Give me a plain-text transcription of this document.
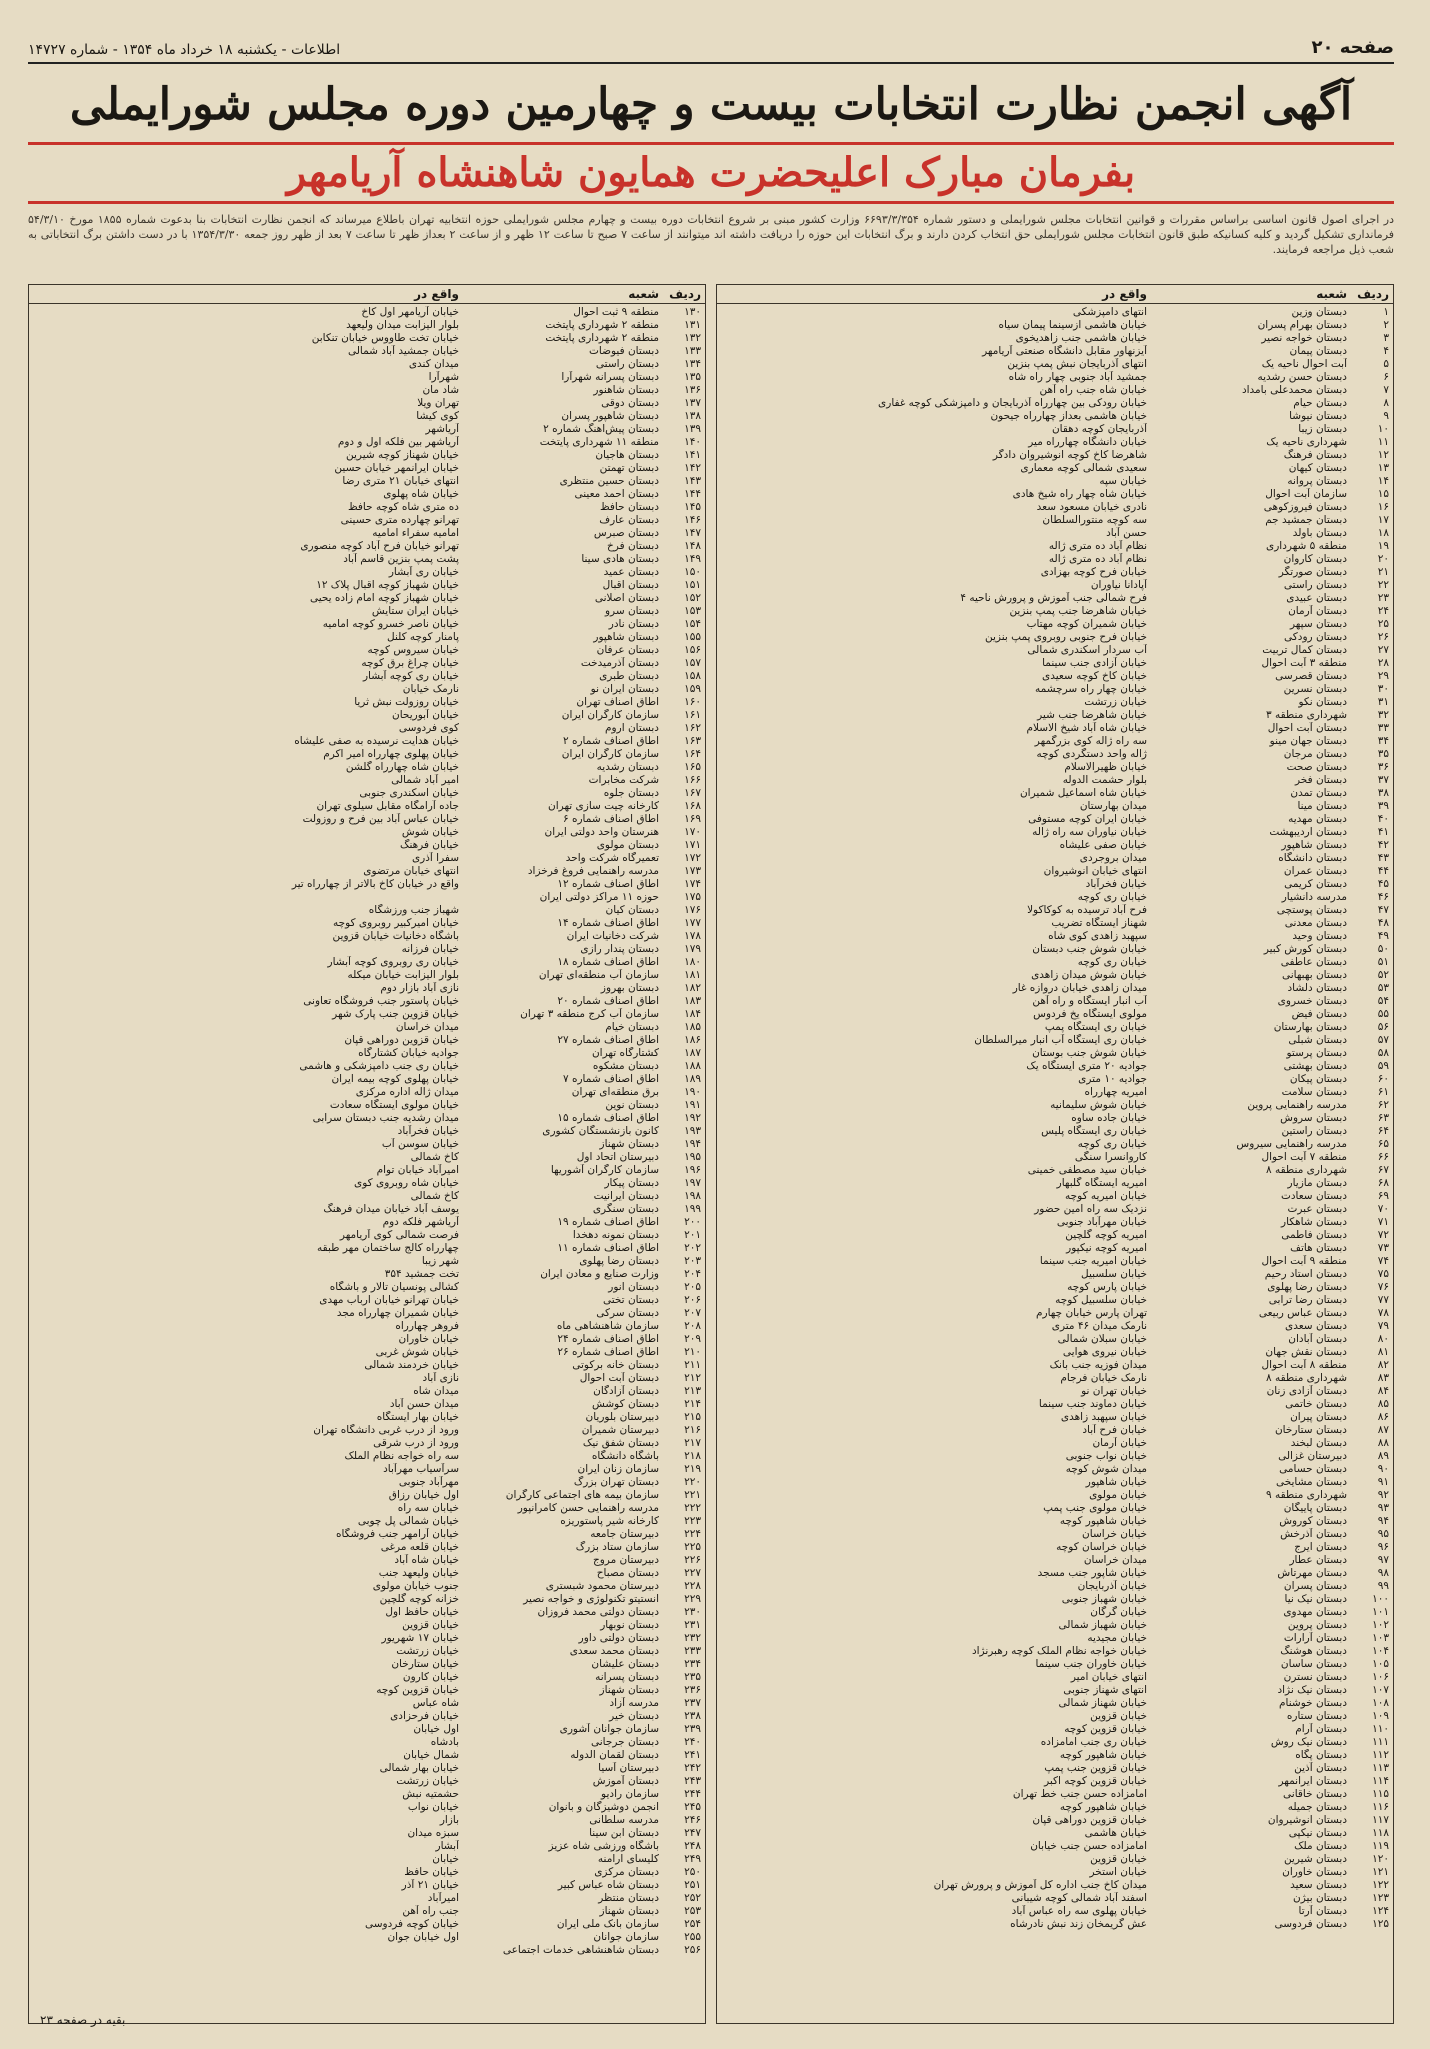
صفحه ۲۰
اطلاعات - یکشنبه ۱۸ خرداد ماه ۱۳۵۴ - شماره ۱۴۷۲۷
آگهی انجمن نظارت انتخابات بیست و چهارمین دوره مجلس شورایملی
بفرمان مبارک اعلیحضرت همایون شاهنشاه آریامهر
در اجرای اصول قانون اساسی براساس مقررات و قوانین انتخابات مجلس شورایملی و دستور شماره ۶۶۹۳/۳/۳۵۴ وزارت کشور مبنی بر شروع انتخابات دوره بیست و چهارم مجلس شورایملی حوزه انتخابیه تهران باطلاع میرساند که انجمن نظارت انتخابات بنا بدعوت شماره ۱۸۵۵ مورخ ۵۴/۳/۱۰ فرمانداری تشکیل گردید و کلیه کسانیکه طبق قانون انتخابات مجلس شورایملی حق انتخاب کردن دارند و برگ انتخابات این حوزه را دریافت داشته اند میتوانند از ساعت ۷ صبح تا ساعت ۱۲ ظهر و از ساعت ۲ بعداز ظهر تا ساعت ۷ بعد از ظهر روز جمعه ۱۳۵۴/۳/۳۰ با در دست داشتن برگ انتخاباتی به شعب ذیل مراجعه فرمایند.
ردیف
شعبه
واقع در
۱
دبستان وزین
انتهای دامپزشکی
۲
دبستان بهرام پسران
خیابان هاشمی ازسینما پیمان سیاه
۳
دبستان خواجه نصیر
خیابان هاشمی جنب زاهدیخوی
۴
دبستان پیمان
آیزنهاور مقابل دانشگاه صنعتی آریامهر
۵
آبت احوال ناحیه یک
انتهای آذربایجان نبش پمپ بنزین
۶
دبستان حسن رشدیه
جمشید آباد جنوبی چهار راه شاه
۷
دبستان محمدعلی بامداد
خیابان شاه جنب راه آهن
۸
دبستان حیام
خیابان رودکی بین چهارراه آذربایجان و دامپزشکی کوچه غفاری
۹
دبستان نیوشا
خیابان هاشمی بعداز چهارراه جیحون
۱۰
دبستان زیبا
آذربایجان کوچه دهقان
۱۱
شهرداری ناحیه یک
خیابان دانشگاه چهارراه میر
۱۲
دبستان فرهنگ
شاهرضا کاخ کوچه انوشیروان دادگر
۱۳
دبستان کیهان
سعیدی شمالی کوچه معماری
۱۴
دبستان پروانه
خیابان سپه
۱۵
سازمان آبت احوال
خیابان شاه چهار راه شیخ هادی
۱۶
دبستان فیروزکوهی
نادری خیابان مسعود سعد
۱۷
دبستان جمشید جم
سه کوچه منتورالسلطان
۱۸
دبستان باولد
حسن آباد
۱۹
منطقه ۵ شهرداری
نظام آباد ده متری ژاله
۲۰
دبستان کاروان
نظام آباد ده متری ژاله
۲۱
دبستان صورتگر
خیابان فرح کوچه بهزادی
۲۲
دبستان راستی
آپادانا نیاوران
۲۳
دبستان عبیدی
فرح شمالی جنب آموزش و پرورش ناحیه ۴
۲۴
دبستان آرمان
خیابان شاهرضا جنب پمپ بنزین
۲۵
دبستان سپهر
خیابان شمیران کوچه مهتاب
۲۶
دبستان رودکی
خیابان فرح جنوبی روبروی پمپ بنزین
۲۷
دبستان کمال تربیت
آب سردار اسکندری شمالی
۲۸
منطقه ۳ آبت احوال
خیابان آزادی جنب سینما
۲۹
دبستان قصرسی
خیابان کاخ کوچه سعیدی
۳۰
دبستان نسرین
خیابان چهار راه سرچشمه
۳۱
دبستان نکو
خیابان زرتشت
۳۲
شهرداری منطقه ۳
خیابان شاهرضا جنب شیر
۳۳
دبستان آبت احوال
خیابان شاه آباد شیخ الاسلام
۳۴
دبستان جهان مینو
سه راه ژاله کوی بزرگمهر
۳۵
دبستان مرجان
ژاله واحد دستگردی کوچه
۳۶
دبستان صحت
خیابان ظهیرالاسلام
۳۷
دبستان فخر
بلوار حشمت الدوله
۳۸
دبستان تمدن
خیابان شاه اسماعیل شمیران
۳۹
دبستان مینا
میدان بهارستان
۴۰
دبستان مهدیه
خیابان ایران کوچه مستوفی
۴۱
دبستان اردیبهشت
خیابان نیاوران سه راه ژاله
۴۲
دبستان شاهپور
خیابان صفی علیشاه
۴۳
دبستان دانشگاه
میدان بروجردی
۴۴
دبستان عمران
انتهای خیابان انوشیروان
۴۵
دبستان کریمی
خیابان فخرآباد
۴۶
مدرسه دانشیار
خیابان ری کوچه
۴۷
دبستان پوستچی
فرح آباد ترسیده به کوکاکولا
۴۸
دبستان معدنی
شهناز ایستگاه تضریب
۴۹
دبستان وحید
سپهبد زاهدی کوی شاه
۵۰
دبستان کورش کبیر
خیابان شوش جنب دبستان
۵۱
دبستان عاطفی
خیابان ری کوچه
۵۲
دبستان بهبهانی
خیابان شوش میدان زاهدی
۵۳
دبستان دلشاد
میدان زاهدی خیابان دروازه غار
۵۴
دبستان خسروی
آب انبار ایستگاه و راه آهن
۵۵
دبستان فیض
مولوی ایستگاه یخ فردوس
۵۶
دبستان بهارستان
خیابان ری ایستگاه پمپ
۵۷
دبستان شبلی
خیابان ری ایستگاه آب انبار میرالسلطان
۵۸
دبستان پرستو
خیابان شوش جنب بوستان
۵۹
دبستان بهشتی
جوادیه ۲۰ متری ایستگاه یک
۶۰
دبستان پیکان
جوادیه ۱۰ متری
۶۱
دبستان سلامت
امیریه چهارراه
۶۲
مدرسه راهنمایی پروین
خیابان شوش سلیمانیه
۶۳
دبستان سروش
خیابان جاده ساوه
۶۴
دبستان راستین
خیابان ری ایستگاه پلیس
۶۵
مدرسه راهنمایی سیروس
خیابان ری کوچه
۶۶
منطقه ۷ آبت احوال
کاروانسرا سنگی
۶۷
شهرداری منطقه ۸
خیابان سید مصطفی خمینی
۶۸
دبستان مازیار
امیریه ایستگاه گلبهار
۶۹
دبستان سعادت
خیابان امیریه کوچه
۷۰
دبستان عبرت
نزدیک سه راه امین حضور
۷۱
دبستان شاهکار
خیابان مهرآباد جنوبی
۷۲
دبستان فاطمی
امیریه کوچه گلچین
۷۳
دبستان هاتف
امیریه کوچه نیکپور
۷۴
منطقه ۹ آبت احوال
خیابان امیریه جنب سینما
۷۵
دبستان استاد رحیم
خیابان سلسبیل
۷۶
دبستان رضا پهلوی
خیابان پارس کوچه
۷۷
دبستان رضا ترابی
خیابان سلسبیل کوچه
۷۸
دبستان عباس ربیعی
تهران پارس خیابان چهارم
۷۹
دبستان سعدی
نارمک میدان ۴۶ متری
۸۰
دبستان آبادان
خیابان سبلان شمالی
۸۱
دبستان نقش جهان
خیابان نیروی هوایی
۸۲
منطقه ۸ آبت احوال
میدان فوزیه جنب بانک
۸۳
شهرداری منطقه ۸
نارمک خیابان فرجام
۸۴
دبستان آزادی زنان
خیابان تهران نو
۸۵
دبستان خاتمی
خیابان دماوند جنب سینما
۸۶
دبستان پیران
خیابان سپهبد زاهدی
۸۷
دبستان ستارخان
خیابان فرح آباد
۸۸
دبستان لبخند
خیابان آرمان
۸۹
دبیرستان غزالی
خیابان نواب جنوبی
۹۰
دبستان حسامی
میدان شوش کوچه
۹۱
دبستان مشایخی
خیابان شاهپور
۹۲
شهرداری منطقه ۹
خیابان مولوی
۹۳
دبستان پاییگان
خیابان مولوی جنب پمپ
۹۴
دبستان کوروش
خیابان شاهپور کوچه
۹۵
دبستان آذرخش
خیابان خراسان
۹۶
دبستان ایرج
خیابان خراسان کوچه
۹۷
دبستان عطار
میدان خراسان
۹۸
دبستان مهرتاش
خیابان شاپور جنب مسجد
۹۹
دبستان پسران
خیابان آذربایجان
۱۰۰
دبستان نیک نیا
خیابان شهباز جنوبی
۱۰۱
دبستان مهدوی
خیابان گرگان
۱۰۲
دبستان پروین
خیابان شهباز شمالی
۱۰۳
دبستان آرارات
خیابان مجیدیه
۱۰۴
دبستان هوشنگ
خیابان خواجه نظام الملک کوچه رهبرنژاد
۱۰۵
دبستان ساسان
خیابان خاوران جنب سینما
۱۰۶
دبستان نسترن
انتهای خیابان امیر
۱۰۷
دبستان نیک نژاد
انتهای شهناز جنوبی
۱۰۸
دبستان خوشنام
خیابان شهناز شمالی
۱۰۹
دبستان ستاره
خیابان قزوین
۱۱۰
دبستان آرام
خیابان قزوین کوچه
۱۱۱
دبستان نیک روش
خیابان ری جنب امامزاده
۱۱۲
دبستان پگاه
خیابان شاهپور کوچه
۱۱۳
دبستان آذین
خیابان قزوین جنب پمپ
۱۱۴
دبستان ایرانمهر
خیابان قزوین کوچه اکبر
۱۱۵
دبستان خاقانی
امامزاده حسن جنب خط تهران
۱۱۶
دبستان جمیله
خیابان شاهپور کوچه
۱۱۷
دبستان انوشیروان
خیابان قزوین دوراهی قپان
۱۱۸
دبستان نیکپی
خیابان هاشمی
۱۱۹
دبستان ملک
امامزاده حسن جنب خیابان
۱۲۰
دبستان شیرین
خیابان قزوین
۱۲۱
دبستان خاوران
خیابان استخر
۱۲۲
دبستان سعید
میدان کاخ جنب اداره کل آموزش و پرورش تهران
۱۲۳
دبستان بیژن
اسفند آباد شمالی کوچه شیبانی
۱۲۴
دبستان آرتا
خیابان پهلوی سه راه عباس آباد
۱۲۵
دبستان فردوسی
عش گریمخان زند نبش نادرشاه
ردیف
شعبه
واقع در
۱۳۰
منطقه ۹ ثبت احوال
خیابان آریامهر اول کاخ
۱۳۱
منطقه ۲ شهرداری پایتخت
بلوار الیزابت میدان ولیعهد
۱۳۲
منطقه ۲ شهرداری پایتخت
خیابان تخت طاووس خیابان تنکابن
۱۳۳
دبستان فیوضات
خیابان جمشید آباد شمالی
۱۳۴
دبستان راستی
میدان کندی
۱۳۵
دبستان پسرانه شهرآرا
شهرآرا
۱۳۶
دبستان شاهنور
شاد مان
۱۳۷
دبستان دوقی
تهران ویلا
۱۳۸
دبستان شاهپور پسران
کوی کیشا
۱۳۹
دبستان پیش‌اهنگ شماره ۲
آریاشهر
۱۴۰
منطقه ۱۱ شهرداری پایتخت
آریاشهر بین فلکه اول و دوم
۱۴۱
دبستان هاجیان
خیابان شهناز کوچه شیرین
۱۴۲
دبستان تهمتن
خیابان ایرانمهر خیابان حسین
۱۴۳
دبستان حسین منتظری
انتهای خیابان ۲۱ متری رضا
۱۴۴
دبستان احمد معینی
خیابان شاه پهلوی
۱۴۵
دبستان حافظ
ده متری شاه کوچه حافظ
۱۴۶
دبستان عارف
تهرانو چهارده متری حسینی
۱۴۷
دبستان صبرس
امامیه سفراء امامیه
۱۴۸
دبستان فرخ
تهرانو خیابان فرح آباد کوچه منصوری
۱۴۹
دبستان هادی سینا
پشت پمپ بنزین قاسم آباد
۱۵۰
دبستان عمید
خیابان ری آبشار
۱۵۱
دبستان اقبال
خیابان شهباز کوچه اقبال پلاک ۱۲
۱۵۲
دبستان اصلانی
خیابان شهباز کوچه امام زاده یحیی
۱۵۳
دبستان سرو
خیابان ایران ستایش
۱۵۴
دبستان نادر
خیابان ناصر خسرو کوچه امامیه
۱۵۵
دبستان شاهپور
پامنار کوچه کلنل
۱۵۶
دبستان عرفان
خیابان سیروس کوچه
۱۵۷
دبستان آذرمیدخت
خیابان چراغ برق کوچه
۱۵۸
دبستان طبری
خیابان ری کوچه آبشار
۱۵۹
دبستان ایران نو
نارمک خیابان
۱۶۰
اطاق اصناف تهران
خیابان روزولت نبش ثریا
۱۶۱
سازمان کارگران ایران
خیابان آبوریحان
۱۶۲
دبستان اروم
کوی فردوسی
۱۶۳
اطاق اصناف شماره ۲
خیابان هدایت نرسیده به صفی علیشاه
۱۶۴
سازمان کارگران ایران
خیابان پهلوی چهارراه امیر اکرم
۱۶۵
دبستان رشدیه
خیابان شاه چهارراه گلشن
۱۶۶
شرکت مخابرات
امیر آباد شمالی
۱۶۷
دبستان جلوه
خیابان اسکندری جنوبی
۱۶۸
کارخانه چیت سازی تهران
جاده آرامگاه مقابل سیلوی تهران
۱۶۹
اطاق اصناف شماره ۶
خیابان عباس آباد بین فرح و روزولت
۱۷۰
هنرستان واحد دولتی ایران
خیابان شوش
۱۷۱
دبستان مولوی
خیابان فرهنگ
۱۷۲
تعمیرگاه شرکت واحد
سفرا آذری
۱۷۳
مدرسه راهنمایی فروغ فرخزاد
انتهای خیابان مرتضوی
۱۷۴
اطاق اصناف شماره ۱۲
واقع در خیابان کاخ بالاتر از چهارراه تیر
۱۷۵
حوزه ۱۱ مراکز دولتی ایران
۱۷۶
دبستان کیان
شهباز جنب ورزشگاه
۱۷۷
اطاق اصناف شماره ۱۴
خیابان امیرکبیر روبروی کوچه
۱۷۸
شرکت دخانیات ایران
باشگاه دخانیات خیابان قزوین
۱۷۹
دبستان پندار رازی
خیابان فرزانه
۱۸۰
اطاق اصناف شماره ۱۸
خیابان ری روبروی کوچه آبشار
۱۸۱
سازمان آب منطقه‌ای تهران
بلوار الیزابت خیابان میکله
۱۸۲
دبستان بهروز
نازی آباد بازار دوم
۱۸۳
اطاق اصناف شماره ۲۰
خیابان پاستور جنب فروشگاه تعاونی
۱۸۴
سازمان آب کرج منطقه ۳ تهران
خیابان قزوین جنب پارک شهر
۱۸۵
دبستان خیام
میدان خراسان
۱۸۶
اطاق اصناف شماره ۲۷
خیابان قزوین دوراهی قپان
۱۸۷
کشتارگاه تهران
جوادیه خیابان کشتارگاه
۱۸۸
دبستان مشکوه
خیابان ری جنب دامپزشکی و هاشمی
۱۸۹
اطاق اصناف شماره ۷
خیابان پهلوی کوچه بیمه ایران
۱۹۰
برق منطقه‌ای تهران
میدان ژاله اداره مرکزی
۱۹۱
دبستان نوین
خیابان مولوی ایستگاه سعادت
۱۹۲
اطاق اصناف شماره ۱۵
میدان رشدیه جنب دبستان سرابی
۱۹۳
کانون بازنشستگان کشوری
خیابان فخرآباد
۱۹۴
دبستان شهناز
خیابان سوسن آب
۱۹۵
دبیرستان اتحاد اول
کاخ شمالی
۱۹۶
سازمان کارگران آشوریها
امیرآباد خیابان توام
۱۹۷
دبستان پیکار
خیابان شاه روبروی کوی
۱۹۸
دبستان ایرانیت
کاخ شمالی
۱۹۹
دبستان سنگری
یوسف آباد خیابان میدان فرهنگ
۲۰۰
اطاق اصناف شماره ۱۹
آریاشهر فلکه دوم
۲۰۱
دبستان نمونه دهخدا
فرصت شمالی کوی آریامهر
۲۰۲
اطاق اصناف شماره ۱۱
چهارراه کالج ساختمان مهر طبقه
۲۰۳
دبستان رضا پهلوی
شهر زیبا
۲۰۴
وزارت صنایع و معادن ایران
تخت جمشید ۳۵۴
۲۰۵
دبستان انور
کشالی پونسیان تالار و باشگاه
۲۰۶
دبستان تختی
خیابان تهرانو خیابان ارباب مهدی
۲۰۷
دبستان سرکی
خیابان شمیران چهارراه مجد
۲۰۸
سازمان شاهنشاهی ماه
فروهر چهارراه
۲۰۹
اطاق اصناف شماره ۲۴
خیابان خاوران
۲۱۰
اطاق اصناف شماره ۲۶
خیابان شوش غربی
۲۱۱
دبستان خانه برکوتی
خیابان خردمند شمالی
۲۱۲
دبستان آبت احوال
نازی آباد
۲۱۳
دبستان آزادگان
میدان شاه
۲۱۴
دبستان کوشش
میدان حسن آباد
۲۱۵
دبیرستان بلوریان
خیابان بهار ایستگاه
۲۱۶
دبیرستان شمیران
ورود از درب غربی دانشگاه تهران
۲۱۷
دبستان شفق نیک
ورود از درب شرقی
۲۱۸
باشگاه دانشگاه
سه راه خواجه نظام الملک
۲۱۹
سازمان زنان ایران
سرآسیاب مهرآباد
۲۲۰
دبستان تهران بزرگ
مهرآباد جنوبی
۲۲۱
سازمان بیمه های اجتماعی کارگران
اول خیابان رزاق
۲۲۲
مدرسه راهنمایی حسن کامرانپور
خیابان سه راه
۲۲۳
کارخانه شیر پاستوریزه
خیابان شمالی پل چوبی
۲۲۴
دبیرستان جامعه
خیابان آرامهر جنب فروشگاه
۲۲۵
سازمان ستاد بزرگ
خیابان قلعه مرغی
۲۲۶
دبیرستان مروج
خیابان شاه آباد
۲۲۷
دبستان مصباح
خیابان ولیعهد جنب
۲۲۸
دبیرستان محمود شبستری
جنوب خیابان مولوی
۲۲۹
انستیتو تکنولوژی و خواجه نصیر
خزانه کوچه گلچین
۲۳۰
دبستان دولتی محمد فروزان
خیابان حافظ اول
۲۳۱
دبستان نوبهار
خیابان قزوین
۲۳۲
دبستان دولتی داور
خیابان ۱۷ شهریور
۲۳۳
دبستان محمد سعدی
خیابان زرتشت
۲۳۴
دبستان علیشان
خیابان ستارخان
۲۳۵
دبستان پسرانه
خیابان کارون
۲۳۶
دبستان شهناز
خیابان قزوین کوچه
۲۳۷
مدرسه آزاد
شاه عباس
۲۳۸
دبستان خیر
خیابان فرحزادی
۲۳۹
سازمان جوانان آشوری
اول خیابان
۲۴۰
دبستان جرجانی
بادشاه
۲۴۱
دبستان لقمان الدوله
شمال خیابان
۲۴۲
دبیرستان آسیا
خیابان بهار شمالی
۲۴۳
دبستان آموزش
خیابان زرتشت
۲۴۴
سازمان رادیو
حشمتیه نبش
۲۴۵
انجمن دوشیزگان و بانوان
خیابان نواب
۲۴۶
مدرسه سلطانی
بازار
۲۴۷
دبستان ابن سینا
سبزه میدان
۲۴۸
باشگاه ورزشی شاه عزیز
آبشار
۲۴۹
کلیسای ارامنه
خیابان
۲۵۰
دبستان مرکزی
خیابان حافظ
۲۵۱
دبستان شاه عباس کبیر
خیابان ۲۱ آذر
۲۵۲
دبستان منتظر
امیرآباد
۲۵۳
دبستان شهناز
جنب راه آهن
۲۵۴
سازمان بانک ملی ایران
خیابان کوچه فردوسی
۲۵۵
سازمان جوانان
اول خیابان جوان
۲۵۶
دبستان شاهنشاهی خدمات اجتماعی
بقیه در صفحه ۲۳
